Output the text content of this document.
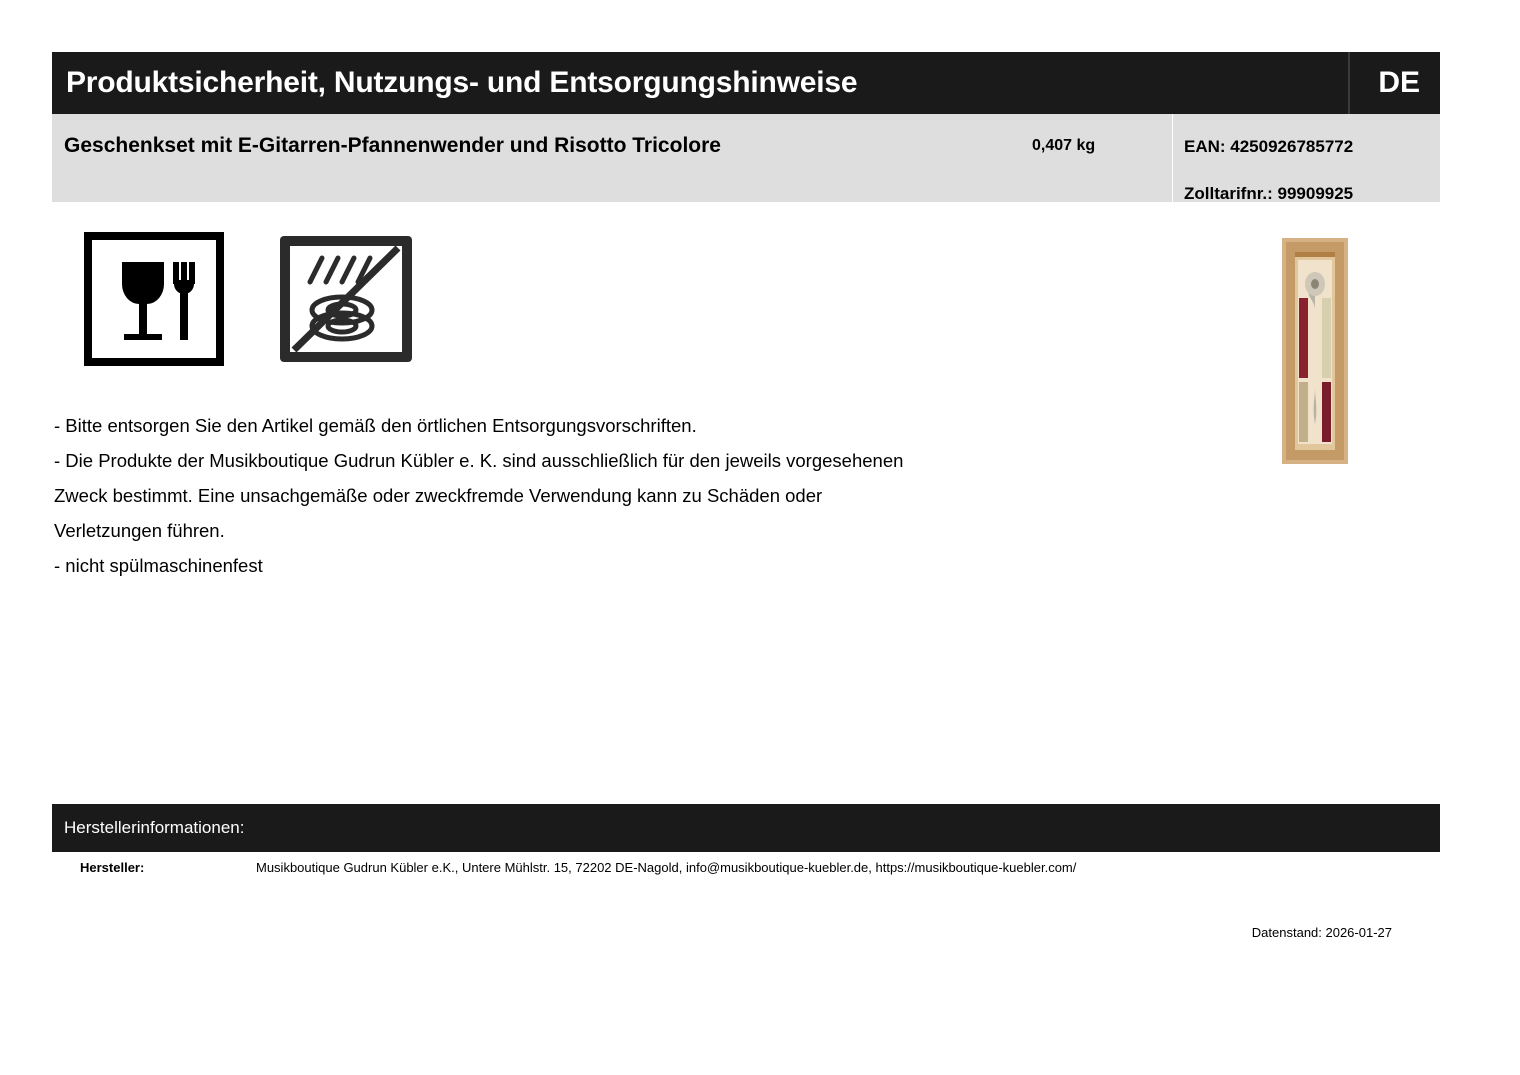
Produktsicherheit, Nutzungs- und Entsorgungshinweise	DE
Geschenkset mit E-Gitarren-Pfannenwender und Risotto Tricolore	0,407 kg	EAN: 4250926785772
Zolltarifnr.: 99909925

- Bitte entsorgen Sie den Artikel gemäß den örtlichen Entsorgungsvorschriften.

- Die Produkte der Musikboutique Gudrun Kübler e. K. sind ausschließlich für den jeweils vorgesehenen

Zweck bestimmt. Eine unsachgemäße oder zweckfremde Verwendung kann zu Schäden oder

Verletzungen führen.

- nicht spülmaschinenfest

Herstellerinformationen:
Hersteller:	Musikboutique Gudrun Kübler e.K., Untere Mühlstr. 15, 72202 DE-Nagold, info@musikboutique-kuebler.de, https://musikboutique-kuebler.com/
Datenstand: 2026-01-27
